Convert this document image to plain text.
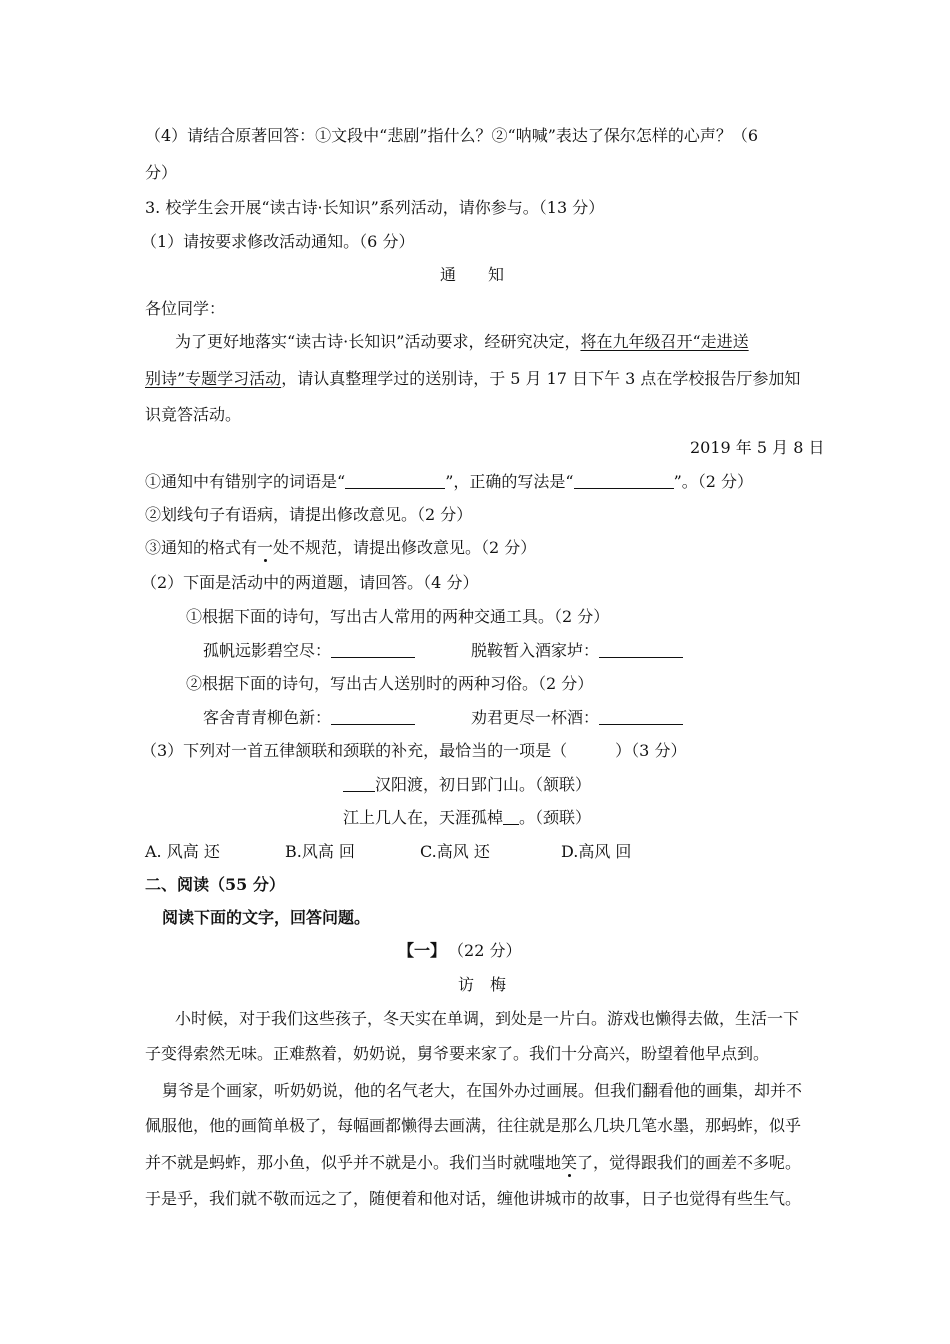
（4）请结合原著回答：①文段中“悲剧”指什么？②“呐喊”表达了保尔怎样的心声？（6
分）
3. 校学生会开展“读古诗·长知识”系列活动，请你参与。（13 分）
（1）请按要求修改活动通知。（6 分）
通　　知
各位同学：
为了更好地落实“读古诗·长知识”活动要求，经研究决定，将在九年级召开“走进送
别诗”专题学习活动，请认真整理学过的送别诗，于 5 月 17 日下午 3 点在学校报告厅参加知
识竟答活动。
2019 年 5 月 8 日
①通知中有错别字的词语是“	”，正确的写法是“	”。（2 分）
②划线句子有语病，请提出修改意见。（2 分）
③通知的格式有一处不规范，请提出修改意见。（2 分）
（2）下面是活动中的两道题，请回答。（4 分）
①根据下面的诗句，写出古人常用的两种交通工具。（2 分）
孤帆远影碧空尽：	脱鞍暂入酒家垆：
②根据下面的诗句，写出古人送别时的两种习俗。（2 分）
客舍青青柳色新：	劝君更尽一杯酒：
（3）下列对一首五律颔联和颈联的补充，最恰当的一项是（　　　）（3 分）
汉阳渡，初日郢门山。（颔联）
江上几人在，天涯孤棹 。（颈联）
A. 风高 还	B.风高 回	C.高风 还	D.高风 回
二、阅读（55 分）
阅读下面的文字，回答问题。
【一】 （22 分）
访　梅
小时候，对于我们这些孩子，冬天实在单调，到处是一片白。游戏也懒得去做，生活一下
子变得索然无味。正难熬着，奶奶说，舅爷要来家了。我们十分高兴，盼望着他早点到。
舅爷是个画家，听奶奶说，他的名气老大，在国外办过画展。但我们翻看他的画集，却并不
佩服他，他的画简单极了，每幅画都懒得去画满，往往就是那么几块几笔水墨，那蚂蚱，似乎
并不就是蚂蚱，那小鱼，似乎并不就是小。我们当时就嗤地笑了，觉得跟我们的画差不多呢。
于是乎，我们就不敬而远之了，随便着和他对话，缠他讲城市的故事，日子也觉得有些生气。
